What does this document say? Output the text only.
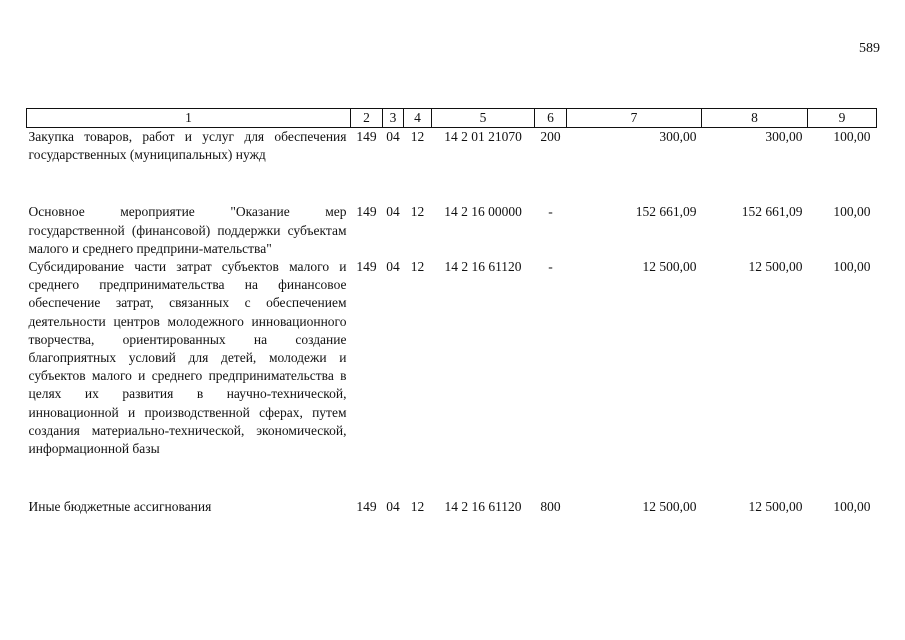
589
1	2	3	4	5	6	7	8	9
Закупка товаров, работ и услуг для обеспечения государственных (муниципальных) нужд	149	04	12	14 2 01 21070	200	300,00	300,00	100,00
Основное мероприятие "Оказание мер государственной (финансовой) поддержки субъектам малого и среднего предприни-мательства"	149	04	12	14 2 16 00000	-	152 661,09	152 661,09	100,00
Субсидирование части затрат субъектов малого и среднего предпринимательства на финансовое обеспечение затрат, связанных с обеспечением деятельности центров молодежного инновационного творчества, ориентированных на создание благоприятных условий для детей, молодежи и субъектов малого и среднего предпринимательства в целях их развития в научно-технической, инновационной и производственной сферах, путем создания материально-технической, экономической, информационной базы	149	04	12	14 2 16 61120	-	12 500,00	12 500,00	100,00
Иные бюджетные ассигнования	149	04	12	14 2 16 61120	800	12 500,00	12 500,00	100,00
